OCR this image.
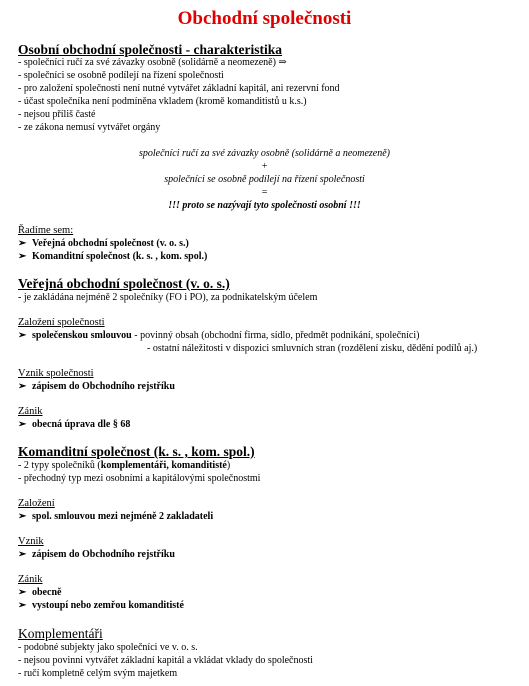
Obchodní společnosti
Osobní obchodní společnosti - charakteristika
- společníci ručí za své závazky osobně (solidárně a neomezeně) ⇒
- společníci se osobně podílejí na řízení společnosti
- pro založení společnosti není nutné vytvářet základní kapitál, ani rezervní fond
- účast společníka není podmíněna vkladem (kromě komanditistů u k.s.)
- nejsou příliš časté
- ze zákona nemusí vytvářet orgány
společníci ručí za své závazky osobně (solidárně a neomezeně)
+
společníci se osobně podílejí na řízení společnosti
=
!!! proto se nazývají tyto společnosti osobní !!!
Řadíme sem:
➢ Veřejná obchodní společnost (v. o. s.)
➢ Komanditní společnost (k. s. , kom. spol.)
Veřejná obchodní společnost (v. o. s.)
- je zakládána nejméně 2 společníky (FO i PO), za podnikatelským účelem
Založení společnosti
➢ společenskou smlouvou - povinný obsah (obchodní firma, sídlo, předmět podnikání, společníci)
- ostatní náležitosti v dispozici smluvních stran (rozdělení zisku, dědění podílů aj.)
Vznik společnosti
➢ zápisem do Obchodního rejstříku
Zánik
➢ obecná úprava dle § 68
Komanditní společnost (k. s. , kom. spol.)
- 2 typy společníků (komplementáři, komanditisté)
- přechodný typ mezi osobními a kapitálovými společnostmi
Založení
➢ spol. smlouvou mezi nejméně 2 zakladateli
Vznik
➢ zápisem do Obchodního rejstříku
Zánik
➢ obecně
➢ vystoupí nebo zemřou komanditisté
Komplementáři
- podobné subjekty jako společníci ve v. o. s.
- nejsou povinni vytvářet základní kapitál a vkládat vklady do společnosti
- ručí kompletně celým svým majetkem
